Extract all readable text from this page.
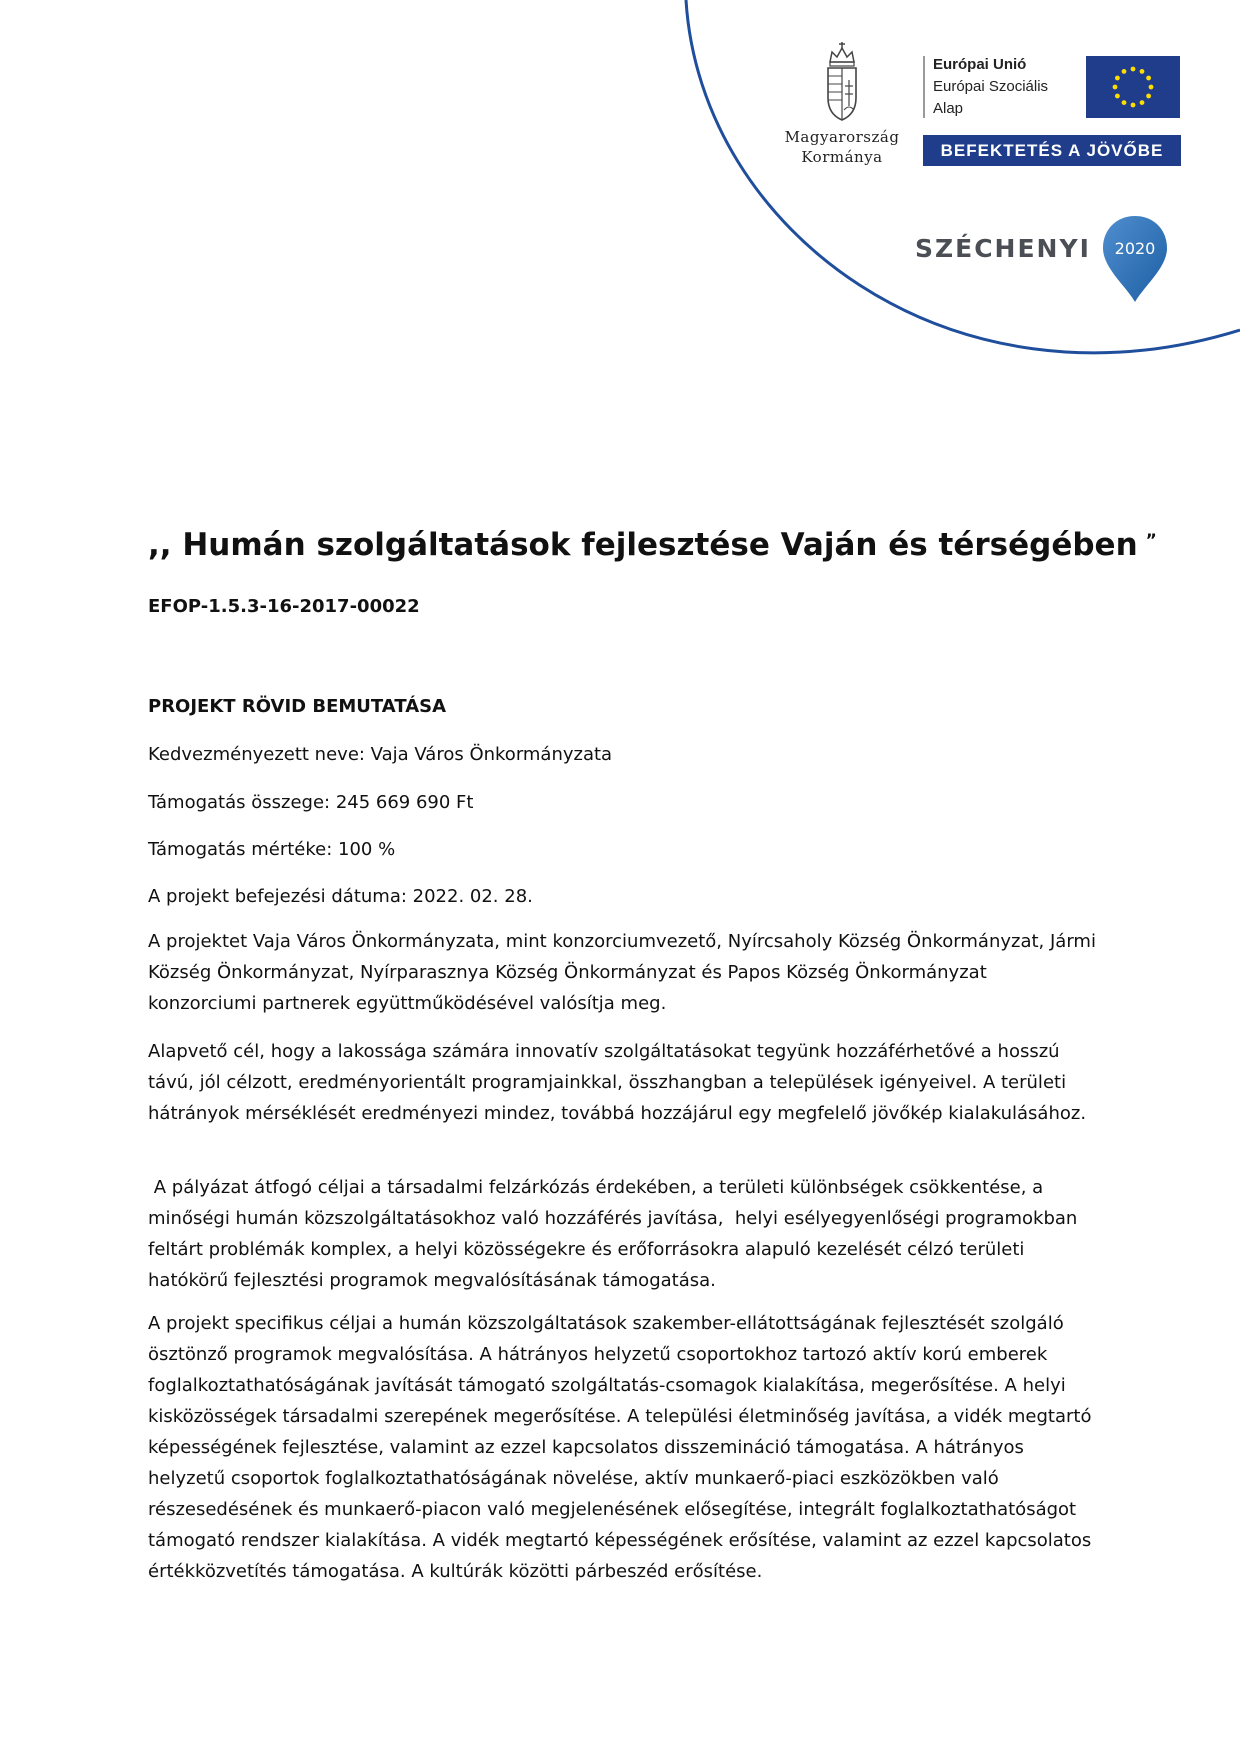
Magyarország
Kormánya
Európai Unió
Európai Szociális
Alap
BEFEKTETÉS A JÖVŐBE
SZÉCHENYI 2020
,, Humán szolgáltatások fejlesztése Vaján és térségében ”
EFOP-1.5.3-16-2017-00022
PROJEKT RÖVID BEMUTATÁSA
Kedvezményezett neve: Vaja Város Önkormányzata
Támogatás összege: 245 669 690 Ft
Támogatás mértéke: 100 %
A projekt befejezési dátuma: 2022. 02. 28.
A projektet Vaja Város Önkormányzata, mint konzorciumvezető, Nyírcsaholy Község Önkormányzat, Jármi Község Önkormányzat, Nyírparasznya Község Önkormányzat és Papos Község Önkormányzat konzorciumi partnerek együttműködésével valósítja meg.
Alapvető cél, hogy a lakossága számára innovatív szolgáltatásokat tegyünk hozzáférhetővé a hosszú távú, jól célzott, eredményorientált programjainkkal, összhangban a települések igényeivel. A területi hátrányok mérséklését eredményezi mindez, továbbá hozzájárul egy megfelelő jövőkép kialakulásához.
A pályázat átfogó céljai a társadalmi felzárkózás érdekében, a területi különbségek csökkentése, a minőségi humán közszolgáltatásokhoz való hozzáférés javítása,  helyi esélyegyenlőségi programokban feltárt problémák komplex, a helyi közösségekre és erőforrásokra alapuló kezelését célzó területi hatókörű fejlesztési programok megvalósításának támogatása.
A projekt specifikus céljai a humán közszolgáltatások szakember-ellátottságának fejlesztését szolgáló ösztönző programok megvalósítása. A hátrányos helyzetű csoportokhoz tartozó aktív korú emberek foglalkoztathatóságának javítását támogató szolgáltatás-csomagok kialakítása, megerősítése. A helyi kisközösségek társadalmi szerepének megerősítése. A települési életminőség javítása, a vidék megtartó képességének fejlesztése, valamint az ezzel kapcsolatos disszemináció támogatása. A hátrányos helyzetű csoportok foglalkoztathatóságának növelése, aktív munkaerő-piaci eszközökben való részesedésének és munkaerő-piacon való megjelenésének elősegítése, integrált foglalkoztathatóságot támogató rendszer kialakítása. A vidék megtartó képességének erősítése, valamint az ezzel kapcsolatos értékközvetítés támogatása. A kultúrák közötti párbeszéd erősítése.
